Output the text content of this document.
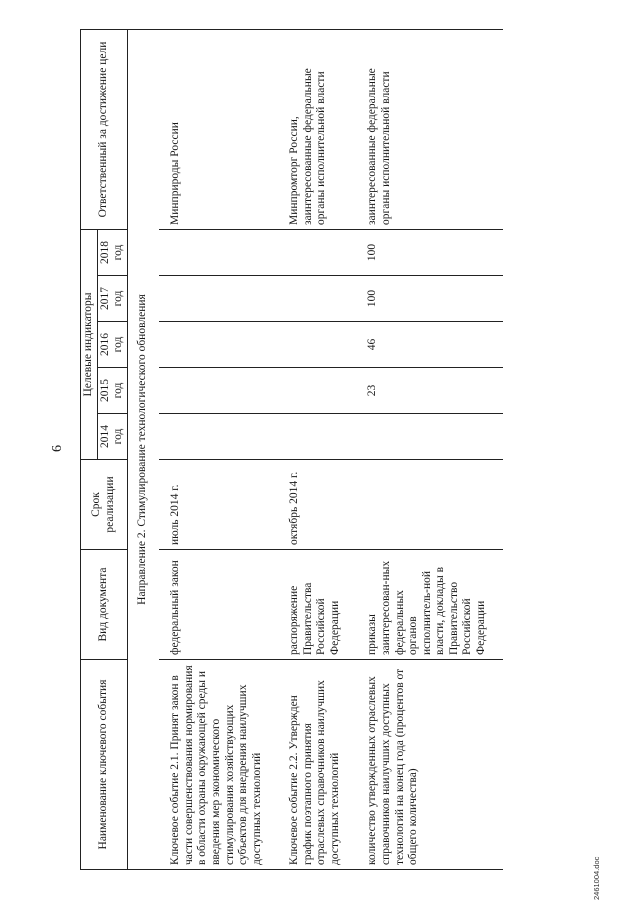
6
Наименование ключевого события	Вид документа	Срок реализации	Целевые индикаторы					Ответственный за достижение цели
			2014 год	2015 год	2016 год	2017 год	2018 год	
Направление 2. Стимулирование технологического обновления								
Ключевое событие 2.1. Принят закон в части совершенствования нормирования в области охраны окружающей среды и введения мер экономического стимулирования хозяйствующих субъектов для внедрения наилучших доступных технологий	федеральный закон	июль 2014 г.						Минприроды России
Ключевое событие 2.2. Утвержден график поэтапного принятия отраслевых справочников наилучших доступных технологий	распоряжение Правительства Российской Федерации	октябрь 2014 г.						Минпромторг России, заинтересованные федеральные органы исполнительной власти
количество утвержденных отраслевых справочников наилучших доступных технологий на конец года (процентов от общего количества)	приказы заинтересован-ных федеральных органов исполнитель-ной власти, доклады в Правительство Российской Федерации			23	46	100	100	заинтересованные федеральные органы исполнительной власти
2461004.doc
